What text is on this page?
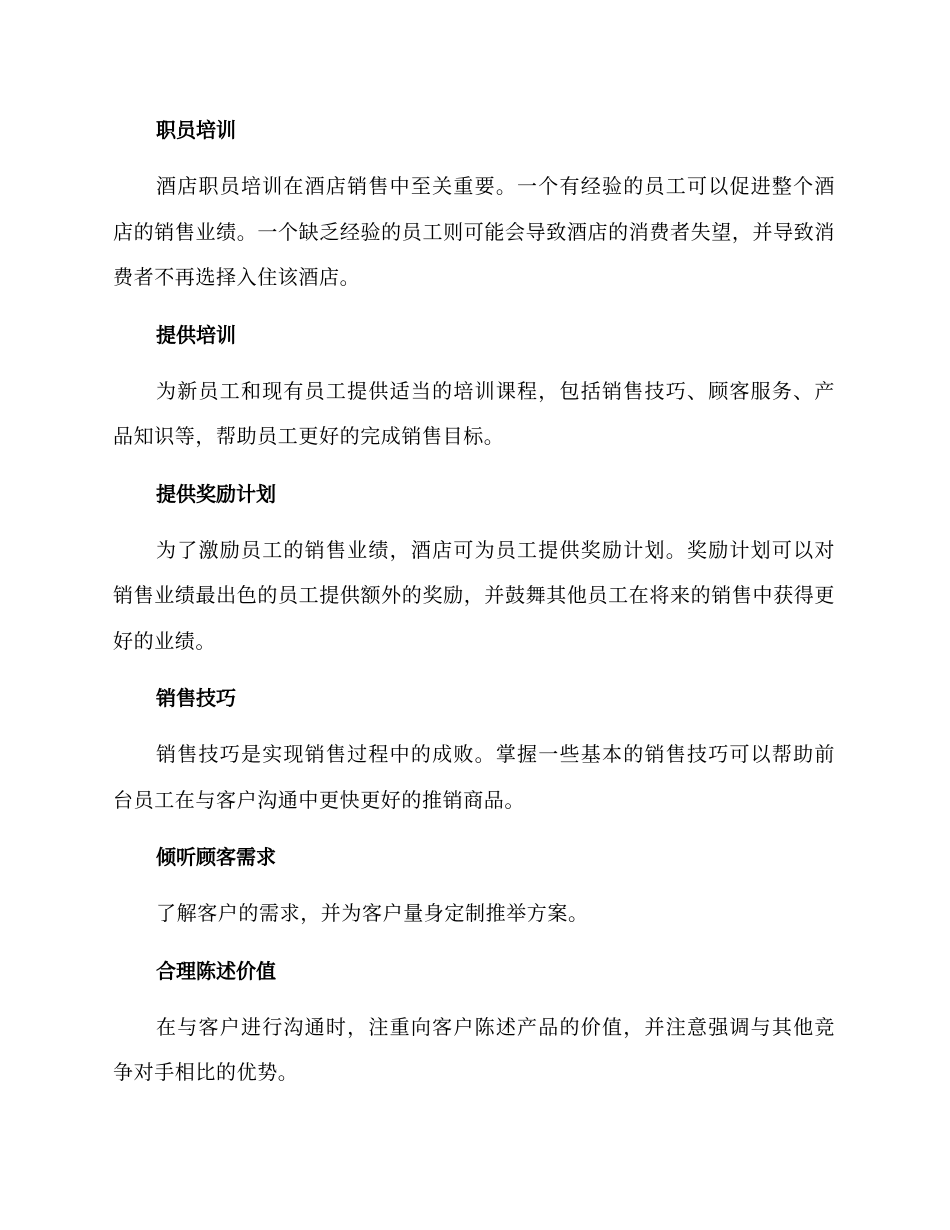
职员培训

酒店职员培训在酒店销售中至关重要。一个有经验的员工可以促进整个酒店的销售业绩。一个缺乏经验的员工则可能会导致酒店的消费者失望，并导致消费者不再选择入住该酒店。

提供培训

为新员工和现有员工提供适当的培训课程，包括销售技巧、顾客服务、产品知识等，帮助员工更好的完成销售目标。

提供奖励计划

为了激励员工的销售业绩，酒店可为员工提供奖励计划。奖励计划可以对销售业绩最出色的员工提供额外的奖励，并鼓舞其他员工在将来的销售中获得更好的业绩。

销售技巧

销售技巧是实现销售过程中的成败。掌握一些基本的销售技巧可以帮助前台员工在与客户沟通中更快更好的推销商品。

倾听顾客需求

了解客户的需求，并为客户量身定制推举方案。

合理陈述价值

在与客户进行沟通时，注重向客户陈述产品的价值，并注意强调与其他竞争对手相比的优势。
